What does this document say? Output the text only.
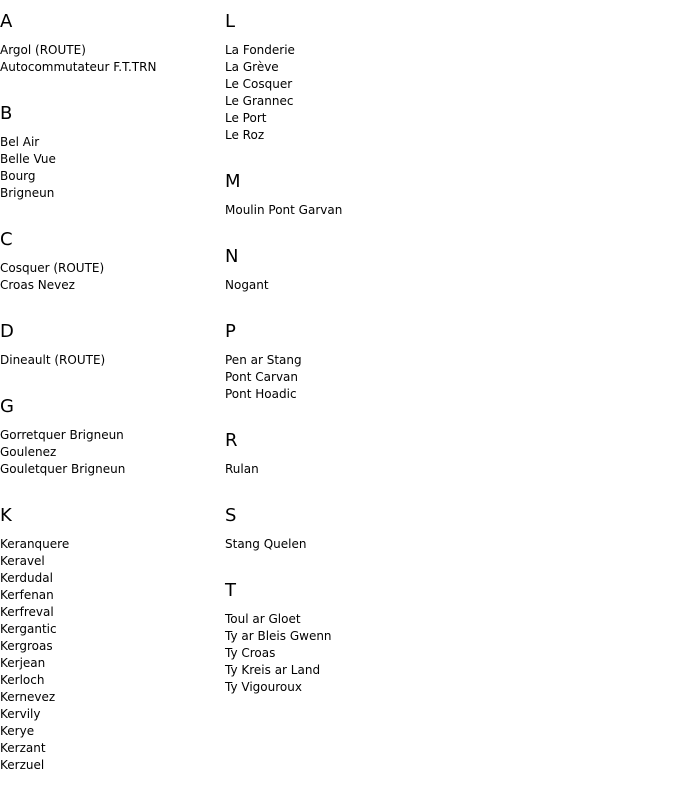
A
Argol (ROUTE)
Autocommutateur F.T.TRN
B
Bel Air
Belle Vue
Bourg
Brigneun
C
Cosquer (ROUTE)
Croas Nevez
D
Dineault (ROUTE)
G
Gorretquer Brigneun
Goulenez
Gouletquer Brigneun
K
Keranquere
Keravel
Kerdudal
Kerfenan
Kerfreval
Kergantic
Kergroas
Kerjean
Kerloch
Kernevez
Kervily
Kerye
Kerzant
Kerzuel
L
La Fonderie
La Grève
Le Cosquer
Le Grannec
Le Port
Le Roz
M
Moulin Pont Garvan
N
Nogant
P
Pen ar Stang
Pont Carvan
Pont Hoadic
R
Rulan
S
Stang Quelen
T
Toul ar Gloet
Ty ar Bleis Gwenn
Ty Croas
Ty Kreis ar Land
Ty Vigouroux
